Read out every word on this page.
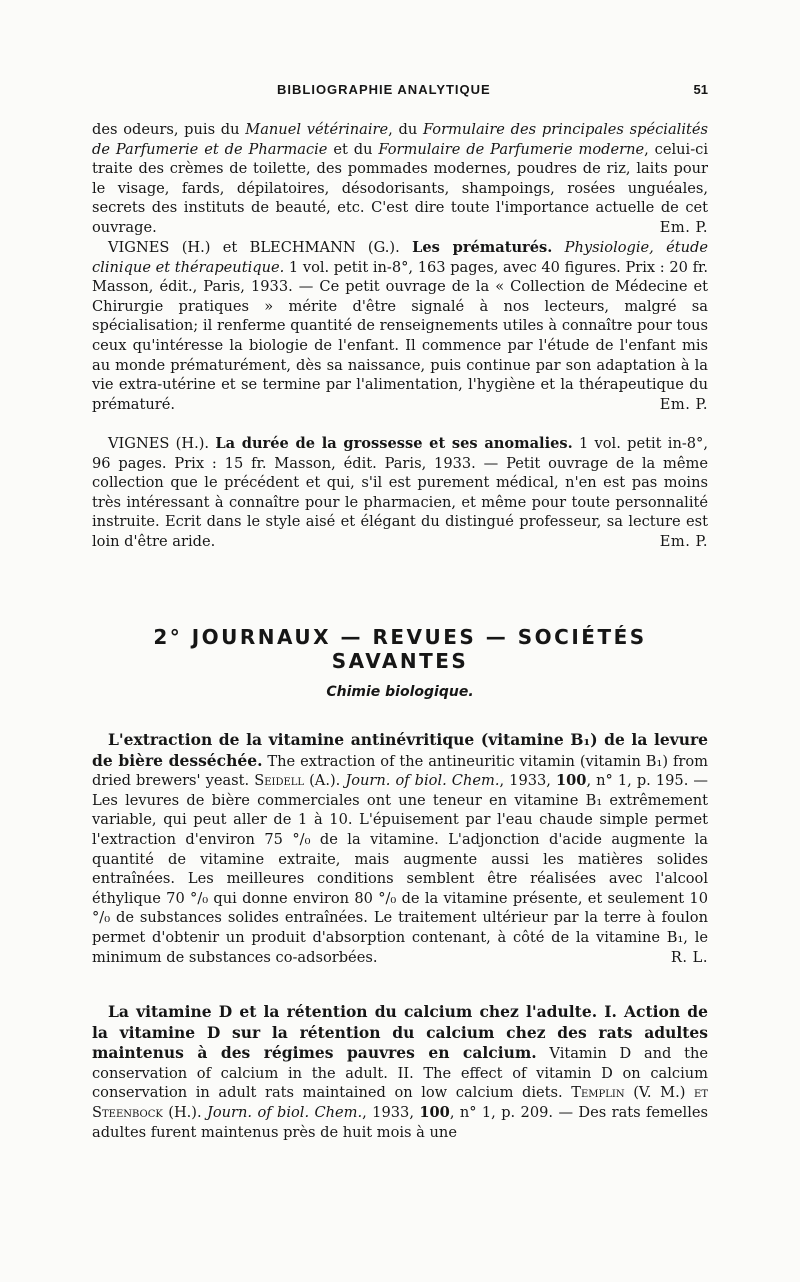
BIBLIOGRAPHIE ANALYTIQUE	51

des odeurs, puis du Manuel vétérinaire, du Formulaire des principales spécialités de Parfumerie et de Pharmacie et du Formulaire de Parfumerie moderne, celui-ci traite des crèmes de toilette, des pommades modernes, poudres de riz, laits pour le visage, fards, dépilatoires, désodorisants, shampoings, rosées unguéales, secrets des instituts de beauté, etc. C'est dire toute l'importance actuelle de cet ouvrage.	Em. P.

VIGNES (H.) et BLECHMANN (G.). Les prématurés. Physiologie, étude clinique et thérapeutique. 1 vol. petit in-8°, 163 pages, avec 40 figures. Prix : 20 fr. Masson, édit., Paris, 1933. — Ce petit ouvrage de la « Collection de Médecine et Chirurgie pratiques » mérite d'être signalé à nos lecteurs, malgré sa spécialisation; il renferme quantité de renseignements utiles à connaître pour tous ceux qu'intéresse la biologie de l'enfant. Il commence par l'étude de l'enfant mis au monde prématurément, dès sa naissance, puis continue par son adaptation à la vie extra-utérine et se termine par l'alimentation, l'hygiène et la thérapeutique du prématuré.	Em. P.

VIGNES (H.). La durée de la grossesse et ses anomalies. 1 vol. petit in-8°, 96 pages. Prix : 15 fr. Masson, édit. Paris, 1933. — Petit ouvrage de la même collection que le précédent et qui, s'il est purement médical, n'en est pas moins très intéressant à connaître pour le pharmacien, et même pour toute personnalité instruite. Ecrit dans le style aisé et élégant du distingué professeur, sa lecture est loin d'être aride.	Em. P.

2° JOURNAUX — REVUES — SOCIÉTÉS SAVANTES
Chimie biologique.

L'extraction de la vitamine antinévritique (vitamine B₁) de la levure de bière desséchée. The extraction of the antineuritic vitamin (vitamin B₁) from dried brewers' yeast. Seidell (A.). Journ. of biol. Chem., 1933, 100, n° 1, p. 195. — Les levures de bière commerciales ont une teneur en vitamine B₁ extrêmement variable, qui peut aller de 1 à 10. L'épuisement par l'eau chaude simple permet l'extraction d'environ 75 °/₀ de la vitamine. L'adjonction d'acide augmente la quantité de vitamine extraite, mais augmente aussi les matières solides entraînées. Les meilleures conditions semblent être réalisées avec l'alcool éthylique 70 °/₀ qui donne environ 80 °/₀ de la vitamine présente, et seulement 10 °/₀ de substances solides entraînées. Le traitement ultérieur par la terre à foulon permet d'obtenir un produit d'absorption contenant, à côté de la vitamine B₁, le minimum de substances co-adsorbées.	R. L.

La vitamine D et la rétention du calcium chez l'adulte. I. Action de la vitamine D sur la rétention du calcium chez des rats adultes maintenus à des régimes pauvres en calcium. Vitamin D and the conservation of calcium in the adult. II. The effect of vitamin D on calcium conservation in adult rats maintained on low calcium diets. Templin (V. M.) et Steenbock (H.). Journ. of biol. Chem., 1933, 100, n° 1, p. 209. — Des rats femelles adultes furent maintenus près de huit mois à une
